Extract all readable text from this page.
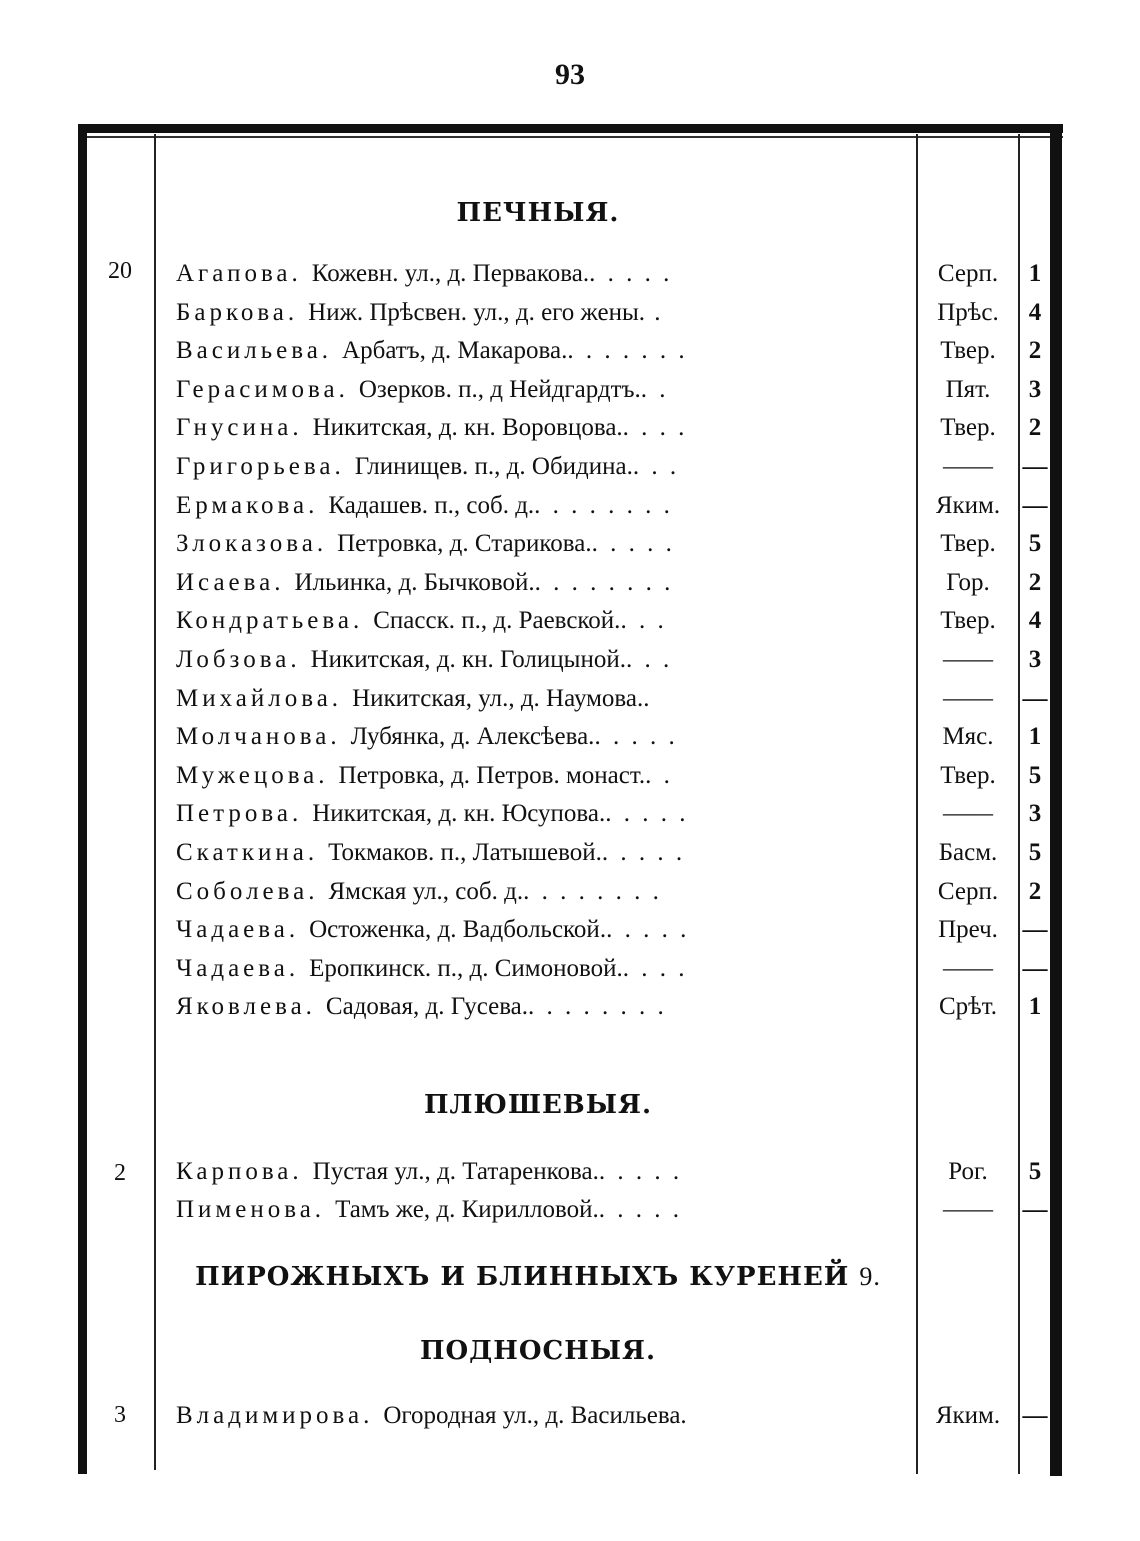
93
ПЕЧНЫЯ.
20	Агапова. Кожевн. ул., д. Первакова.. . . . .	Серп.	1
Баркова. Ниж. Прѣсвен. ул., д. его жены. .	Прѣс.	4
Васильева. Арбатъ, д. Макарова.. . . . . . .	Твер.	2
Герасимова. Озерков. п., д Нейдгардтъ.. .	Пят.	3
Гнусина. Никитская, д. кн. Воровцова.. . . .	Твер.	2
Григорьева. Глинищев. п., д. Обидина.. . .	——	—
Ермакова. Кадашев. п., соб. д.. . . . . . . .	Яким. —
Злоказова. Петровка, д. Старикова.. . . . .	Твер.	5
Исаева. Ильинка, д. Бычковой.. . . . . . . .	Гор.	2
Кондратьева. Спасск. п., д. Раевской.. . .	Твер.	4
Лобзова. Никитская, д. кн. Голицыной.. . .	——	3
Михайлова. Никитская, ул., д. Наумова..	——	—
Молчанова. Лубянка, д. Алексѣева.. . . . .	Мяс.	1
Мужецова. Петровка, д. Петров. монаст.. .	Твер.	5
Петрова. Никитская, д. кн. Юсупова.. . . . .	——	3
Скаткина. Токмаков. п., Латышевой.. . . . .	Басм.	5
Соболева. Ямская ул., соб. д.. . . . . . . .	Серп.	2
Чадаева. Остоженка, д. Вадбольской.. . . . .	Преч. —
Чадаева. Еропкинск. п., д. Симоновой.. . . .	——	—
Яковлева. Садовая, д. Гусева.. . . . . . . .	Срѣт.	1
ПЛЮШЕВЫЯ.
2	Карпова. Пустая ул., д. Татаренкова.. . . . .	Рог.	5
Пименова. Тамъ же, д. Кирилловой.. . . . .	——	—
ПИРОЖНЫХЪ И БЛИННЫХЪ КУРЕНЕЙ 9.
ПОДНОСНЫЯ.
3	Владимирова. Огородная ул., д. Васильева.	Яким. —
